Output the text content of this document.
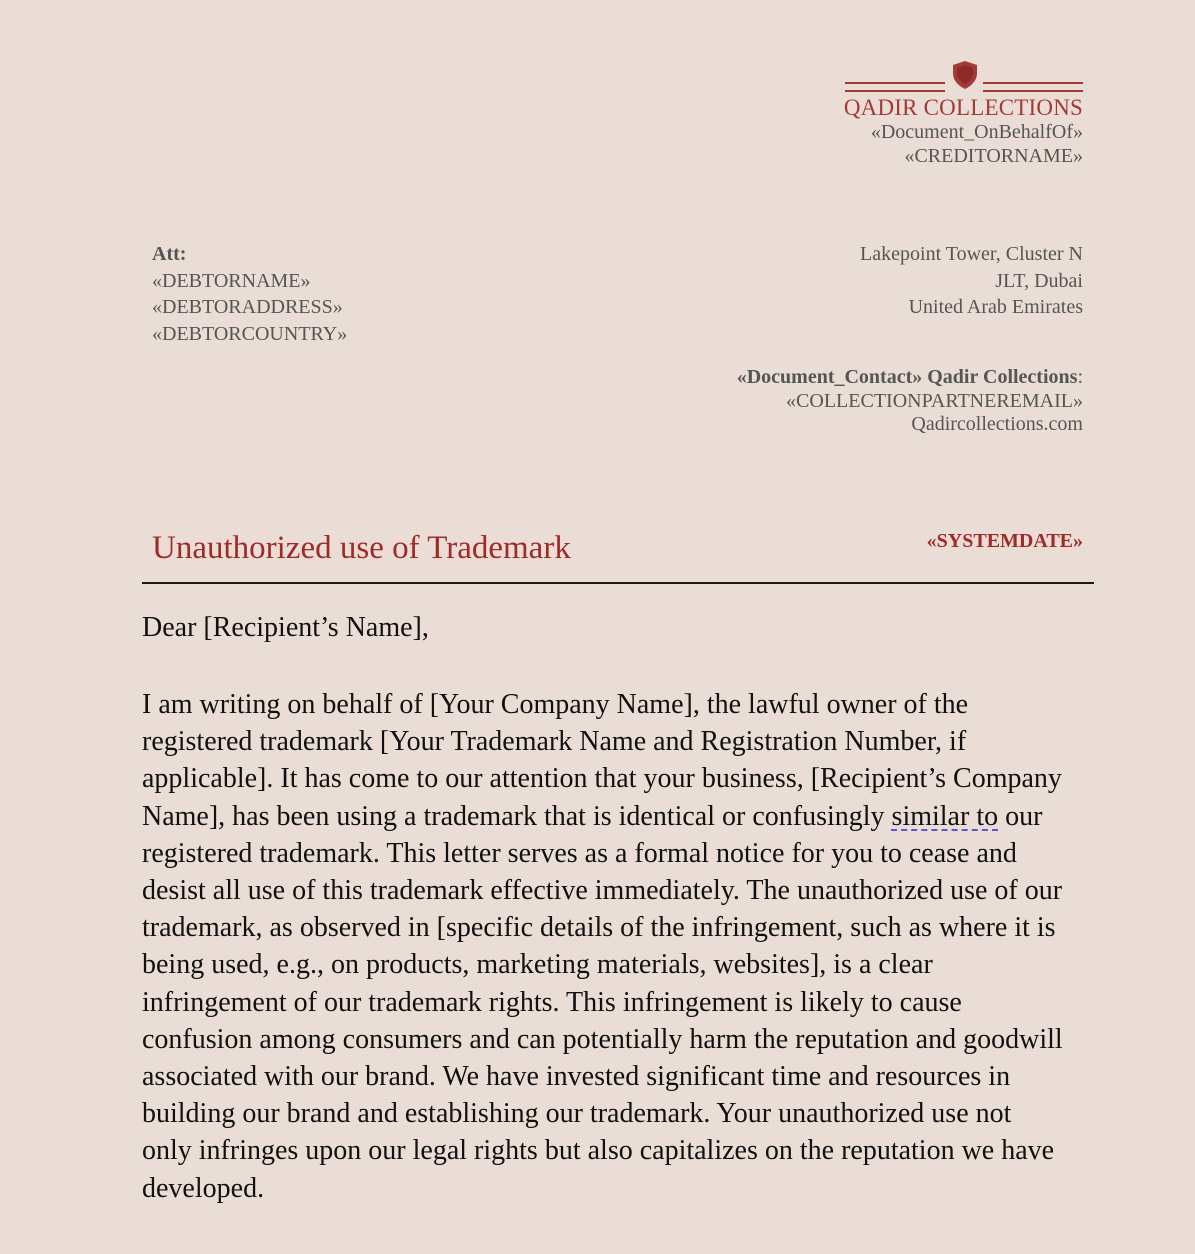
QADIR COLLECTIONS
«Document_OnBehalfOf»
«CREDITORNAME»
Att:
«DEBTORNAME»
«DEBTORADDRESS»
«DEBTORCOUNTRY»
Lakepoint Tower, Cluster N
JLT, Dubai
United Arab Emirates
«Document_Contact» Qadir Collections:
«COLLECTIONPARTNEREMAIL»
Qadircollections.com
Unauthorized use of Trademark	«SYSTEMDATE»
Dear [Recipient’s Name],

I am writing on behalf of [Your Company Name], the lawful owner of the registered trademark [Your Trademark Name and Registration Number, if applicable]. It has come to our attention that your business, [Recipient’s Company Name], has been using a trademark that is identical or confusingly similar to our registered trademark. This letter serves as a formal notice for you to cease and desist all use of this trademark effective immediately. The unauthorized use of our trademark, as observed in [specific details of the infringement, such as where it is being used, e.g., on products, marketing materials, websites], is a clear infringement of our trademark rights. This infringement is likely to cause confusion among consumers and can potentially harm the reputation and goodwill associated with our brand. We have invested significant time and resources in building our brand and establishing our trademark. Your unauthorized use not only infringes upon our legal rights but also capitalizes on the reputation we have developed.
